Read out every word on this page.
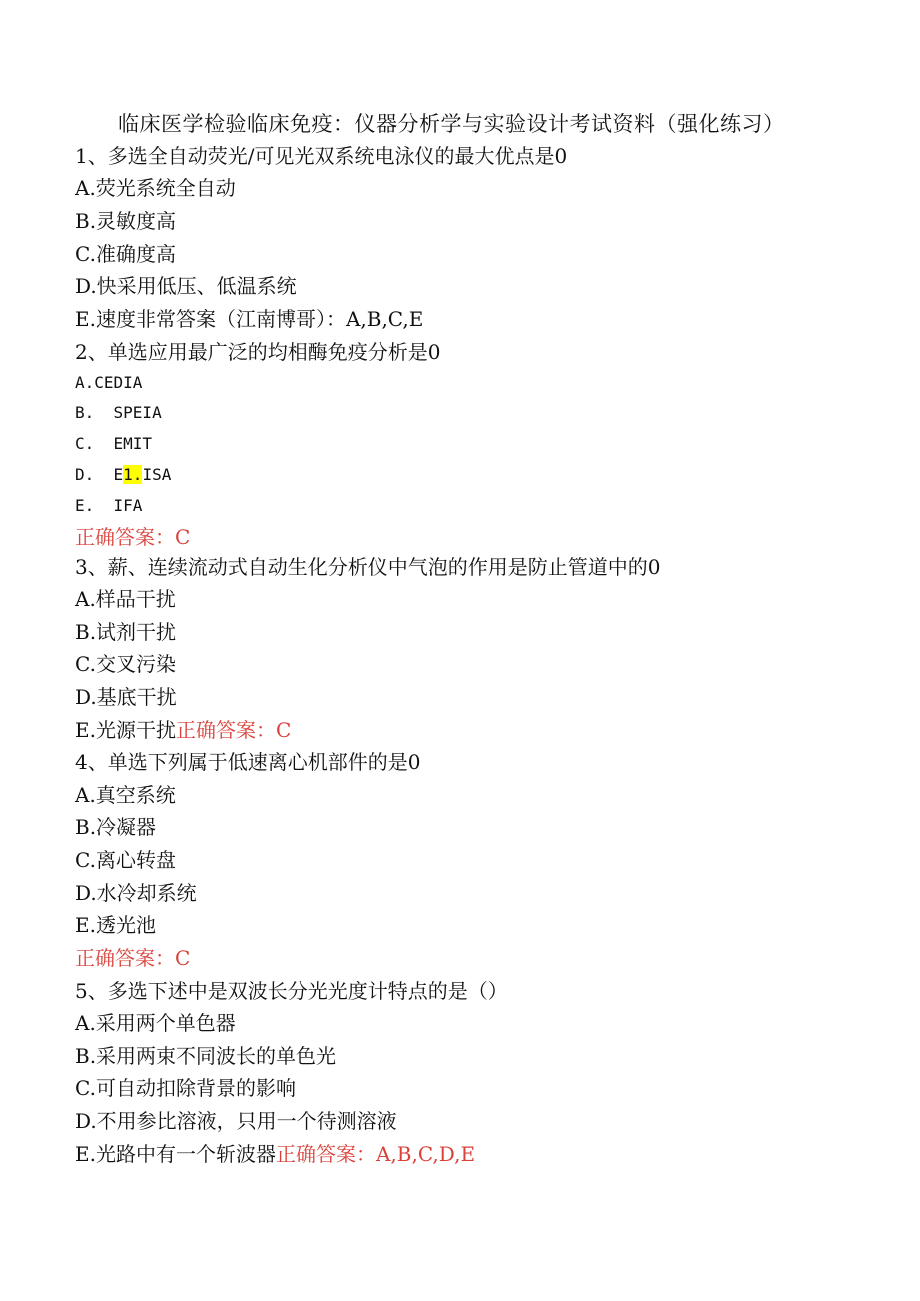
临床医学检验临床免疫：仪器分析学与实验设计考试资料（强化练习）
1、多选全自动荧光/可见光双系统电泳仪的最大优点是0
A.荧光系统全自动
B.灵敏度高
C.准确度高
D.快采用低压、低温系统
E.速度非常答案（江南博哥）：A,B,C,E
2、单选应用最广泛的均相酶免疫分析是0
A.CEDIA
B.  SPEIA
C.  EMIT
D.  E1.ISA
E.  IFA
正确答案：C
3、薪、连续流动式自动生化分析仪中气泡的作用是防止管道中的0
A.样品干扰
B.试剂干扰
C.交叉污染
D.基底干扰
E.光源干扰正确答案：C
4、单选下列属于低速离心机部件的是0
A.真空系统
B.冷凝器
C.离心转盘
D.水冷却系统
E.透光池
正确答案：C
5、多选下述中是双波长分光光度计特点的是（）
A.采用两个单色器
B.采用两束不同波长的单色光
C.可自动扣除背景的影响
D.不用参比溶液，只用一个待测溶液
E.光路中有一个斩波器正确答案：A,B,C,D,E
